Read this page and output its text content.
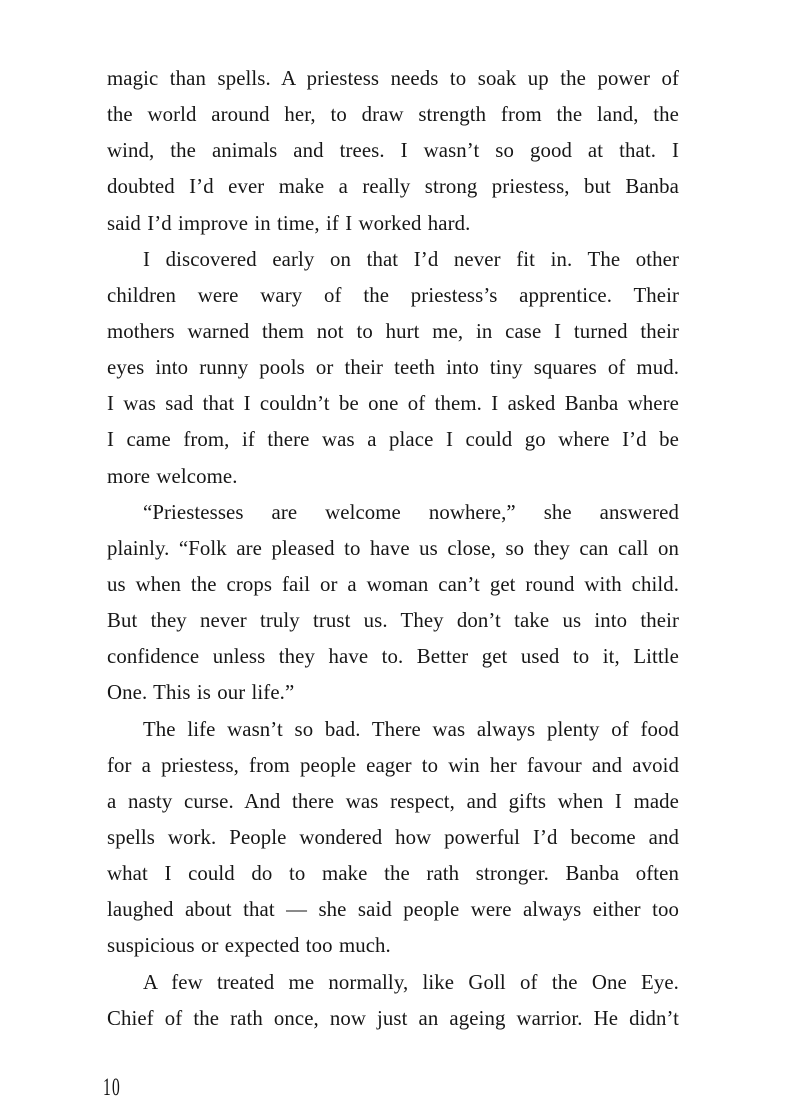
magic than spells. A priestess needs to soak up the power of
the world around her, to draw strength from the land, the
wind, the animals and trees. I wasn’t so good at that. I
doubted I’d ever make a really strong priestess, but Banba
said I’d improve in time, if I worked hard.
I discovered early on that I’d never fit in. The other
children were wary of the priestess’s apprentice. Their
mothers warned them not to hurt me, in case I turned their
eyes into runny pools or their teeth into tiny squares of mud.
I was sad that I couldn’t be one of them. I asked Banba where
I came from, if there was a place I could go where I’d be
more welcome.
“Priestesses are welcome nowhere,” she answered
plainly. “Folk are pleased to have us close, so they can call on
us when the crops fail or a woman can’t get round with child.
But they never truly trust us. They don’t take us into their
confidence unless they have to. Better get used to it, Little
One. This is our life.”
The life wasn’t so bad. There was always plenty of food
for a priestess, from people eager to win her favour and avoid
a nasty curse. And there was respect, and gifts when I made
spells work. People wondered how powerful I’d become and
what I could do to make the rath stronger. Banba often
laughed about that — she said people were always either too
suspicious or expected too much.
A few treated me normally, like Goll of the One Eye.
Chief of the rath once, now just an ageing warrior. He didn’t
10
